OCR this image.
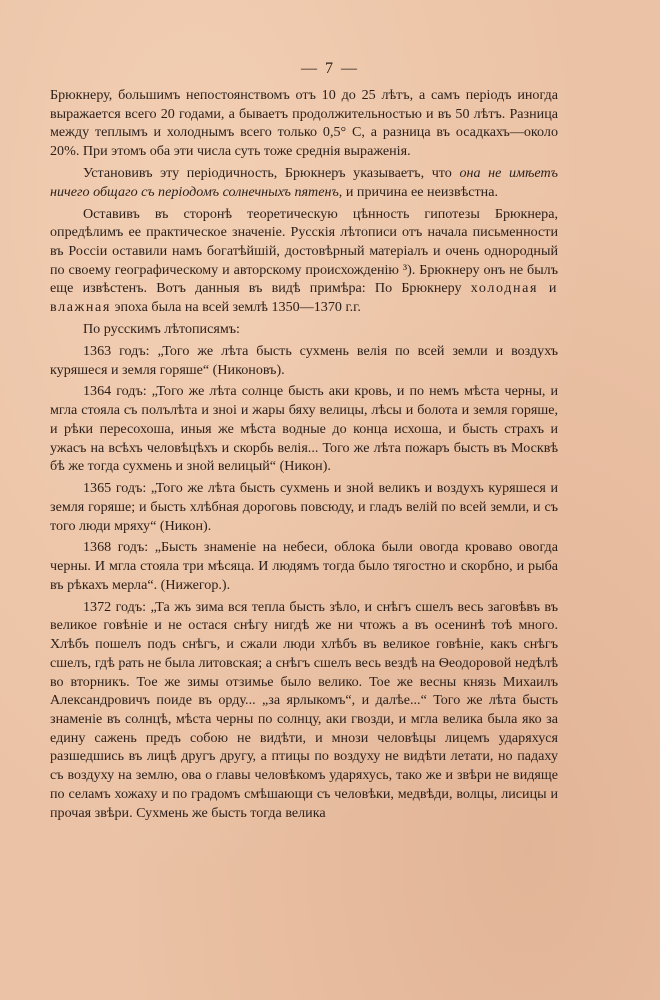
— 7 —

Брюкнеру, большимъ непостоянствомъ отъ 10 до 25 лѣтъ, а самъ періодъ иногда выражается всего 20 годами, а бываетъ продолжительностью и въ 50 лѣтъ. Разница между теплымъ и холоднымъ всего только 0,5° С, а разница въ осадкахъ—около 20%. При этомъ оба эти числа суть тоже среднія выраженія.

Установивъ эту періодичность, Брюкнеръ указываетъ, что она не имѣетъ ничего общаго съ періодомъ солнечныхъ пятенъ, и причина ее неизвѣстна.

Оставивъ въ сторонѣ теоретическую цѣнность гипотезы Брюкнера, опредѣлимъ ее практическое значеніе. Русскія лѣтописи отъ начала письменности въ Россіи оставили намъ богатѣйшій, достовѣрный матеріалъ и очень однородный по своему географическому и авторскому происхожденію ³). Брюкнеру онъ не былъ еще извѣстенъ. Вотъ данныя въ видѣ примѣра: По Брюкнеру холодная и влажная эпоха была на всей землѣ 1350—1370 г.г.

По русскимъ лѣтописямъ:

1363 годъ: „Того же лѣта бысть сухмень велія по всей земли и воздухъ куряшеся и земля горяше“ (Никоновъ).

1364 годъ: „Того же лѣта солнце бысть аки кровь, и по немъ мѣста черны, и мгла стояла съ полълѣта и зноі и жары бяху велицы, лѣсы и болота и земля горяше, и рѣки пересохоша, иныя же мѣста водные до конца исхоша, и бысть страхъ и ужасъ на всѣхъ человѣцѣхъ и скорбь велія... Того же лѣта пожаръ бысть въ Москвѣ бѣ же тогда сухмень и зной велицый“ (Никон).

1365 годъ: „Того же лѣта бысть сухмень и зной великъ и воздухъ куряшеся и земля горяше; и бысть хлѣбная дороговь повсюду, и гладъ велій по всей земли, и съ того люди мряху“ (Никон).

1368 годъ: „Бысть знаменіе на небеси, облока были овогда кроваво овогда черны. И мгла стояла три мѣсяца. И людямъ тогда было тягостно и скорбно, и рыба въ рѣкахъ мерла“. (Нижегор.).

1372 годъ: „Та жъ зима вся тепла бысть зѣло, и снѣгъ сшелъ весь заговѣвъ въ великое говѣніе и не остася снѣгу нигдѣ же ни чтожъ а въ осенинѣ тоѣ много. Хлѣбъ пошелъ подъ снѣгъ, и сжали люди хлѣбъ въ великое говѣніе, какъ снѣгъ сшелъ, гдѣ рать не была литовская; а снѣгъ сшелъ весь вездѣ на Ѳеодоровой недѣлѣ во вторникъ. Тое же зимы отзимье было велико. Тое же весны князь Михаилъ Александровичъ поиде въ орду... „за ярлыкомъ“, и далѣе...“ Того же лѣта бысть знаменіе въ солнцѣ, мѣста черны по солнцу, аки гвозди, и мгла велика была яко за едину сажень предъ собою не видѣти, и мнози человѣцы лицемъ ударяхуся разшедшись въ лицѣ другъ другу, а птицы по воздуху не видѣти летати, но падаху съ воздуху на землю, ова о главы человѣкомъ ударяхусь, тако же и звѣри не видяще по селамъ хожаху и по градомъ смѣшающи съ человѣки, медвѣди, волцы, лисицы и прочая звѣри. Сухмень же бысть тогда велика
